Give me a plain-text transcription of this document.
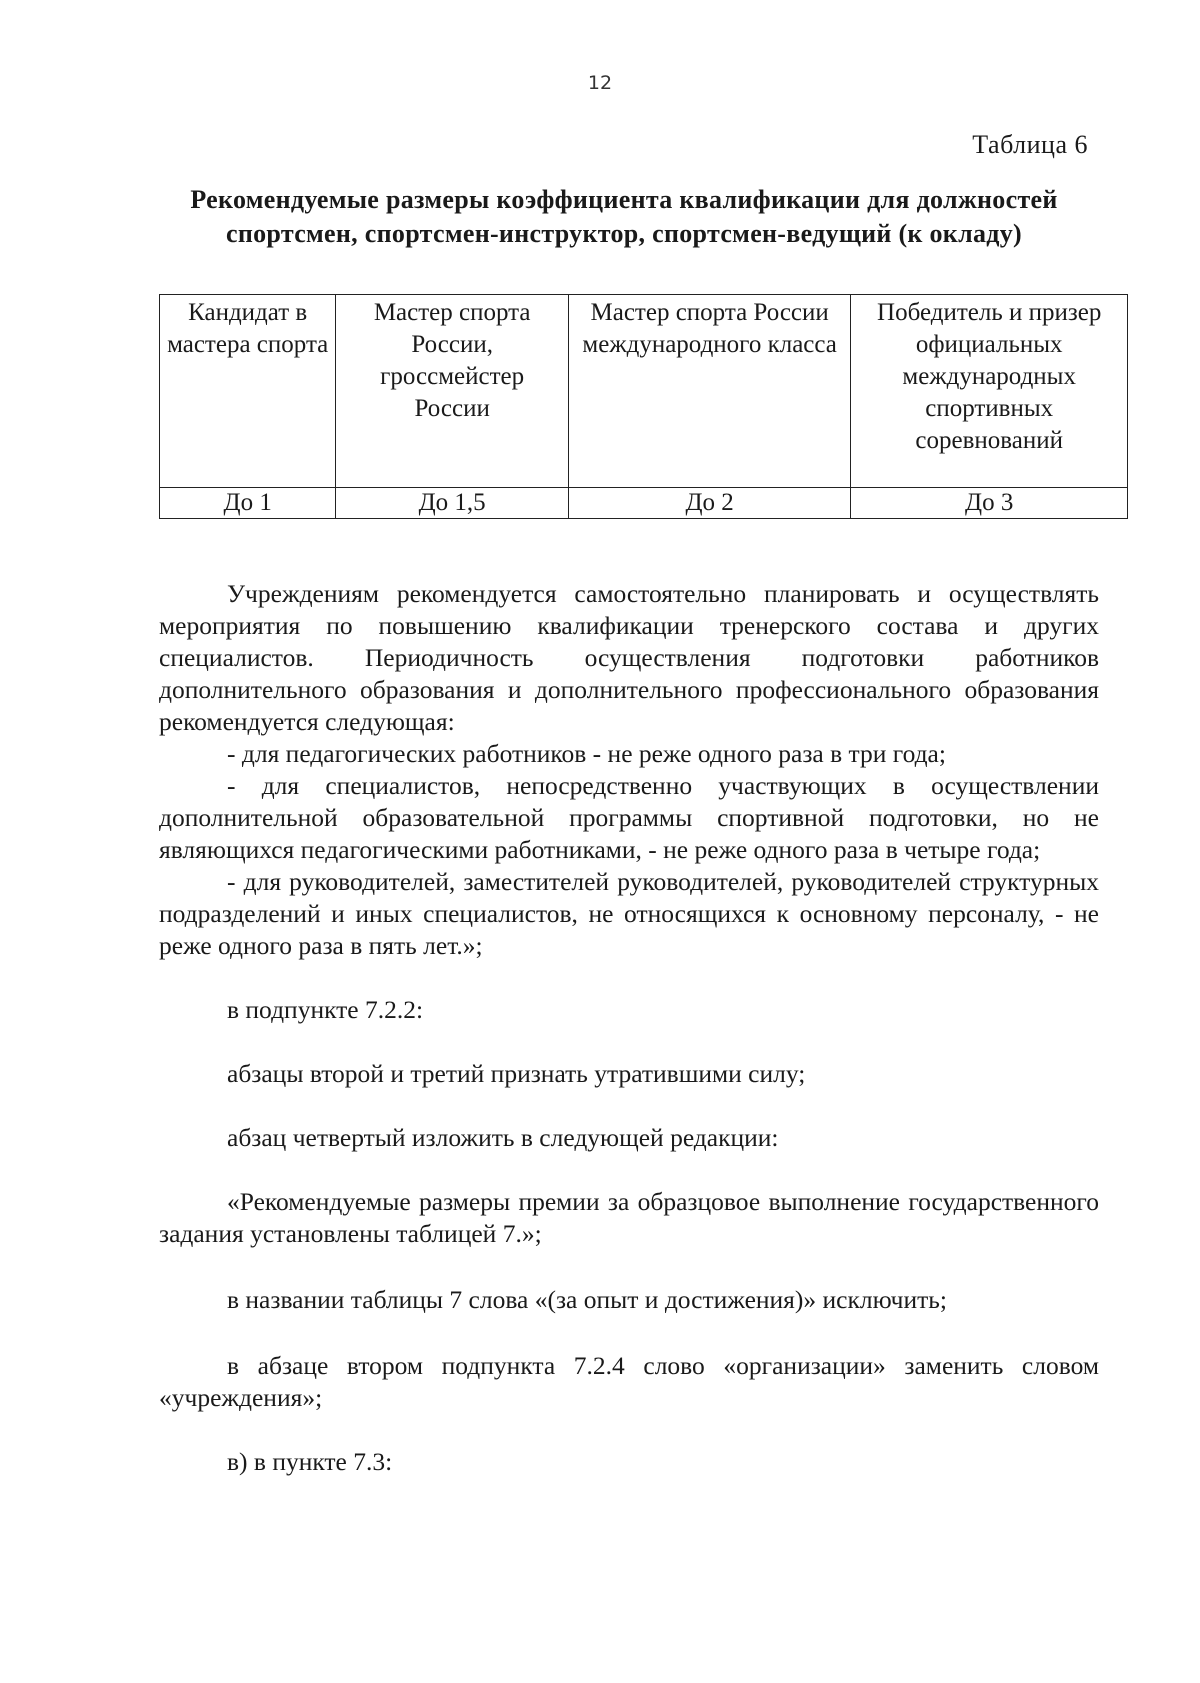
12
Таблица 6
Рекомендуемые размеры коэффициента квалификации для должностей
спортсмен, спортсмен-инструктор, спортсмен-ведущий (к окладу)
Кандидат в мастера спорта	Мастер спорта России, гроссмейстер России	Мастер спорта России международного класса	Победитель и призер официальных международных спортивных соревнований
До 1	До 1,5	До 2	До 3

Учреждениям рекомендуется самостоятельно планировать и осуществлять мероприятия по повышению квалификации тренерского состава и других специалистов. Периодичность осуществления подготовки работников дополнительного образования и дополнительного профессионального образования рекомендуется следующая:

- для педагогических работников - не реже одного раза в три года;

- для специалистов, непосредственно участвующих в осуществлении дополнительной образовательной программы спортивной подготовки, но не являющихся педагогическими работниками, - не реже одного раза в четыре года;

- для руководителей, заместителей руководителей, руководителей структурных подразделений и иных специалистов, не относящихся к основному персоналу, - не реже одного раза в пять лет.»;

в подпункте 7.2.2:

абзацы второй и третий признать утратившими силу;

абзац четвертый изложить в следующей редакции:

«Рекомендуемые размеры премии за образцовое выполнение государственного задания установлены таблицей 7.»;

в названии таблицы 7 слова «(за опыт и достижения)» исключить;

в абзаце втором подпункта 7.2.4 слово «организации» заменить словом «учреждения»;

в) в пункте 7.3:
